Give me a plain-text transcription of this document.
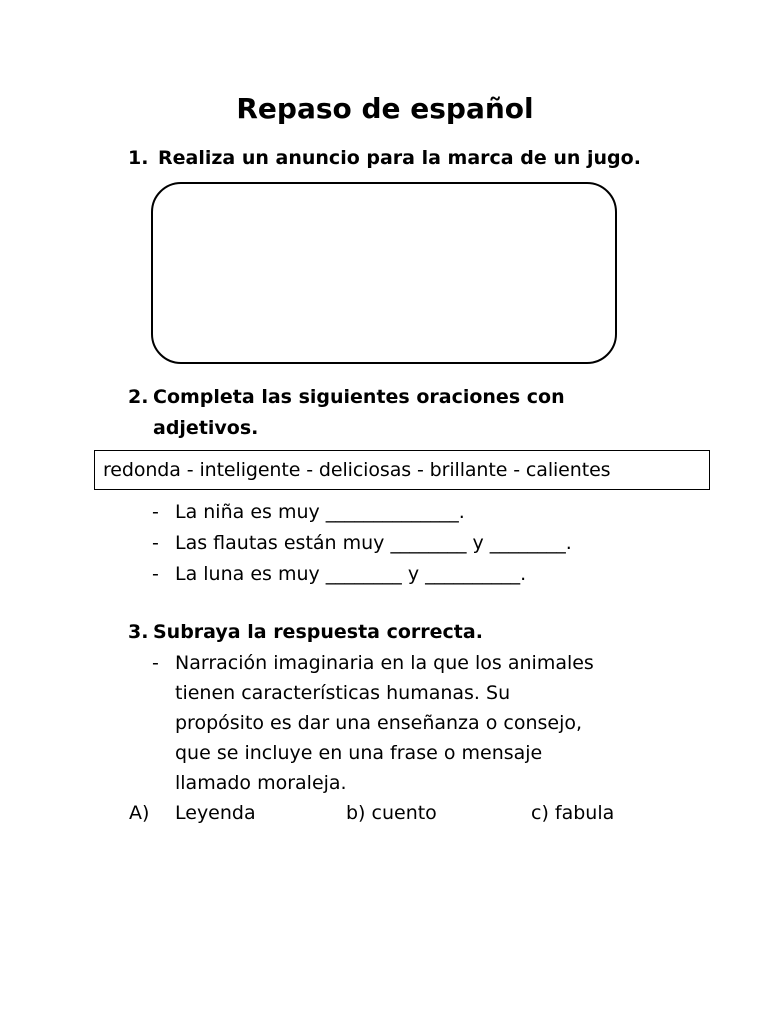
Repaso de español
1. Realiza un anuncio para la marca de un jugo.
2. Completa las siguientes oraciones con
adjetivos.
redonda - inteligente - deliciosas - brillante - calientes
- La niña es muy ______________.
- Las flautas están muy ________ y ________.
- La luna es muy ________ y __________.
3. Subraya la respuesta correcta.
- Narración imaginaria en la que los animales
tienen características humanas. Su
propósito es dar una enseñanza o consejo,
que se incluye en una frase o mensaje
llamado moraleja.
A) Leyenda	b) cuento	c) fabula
